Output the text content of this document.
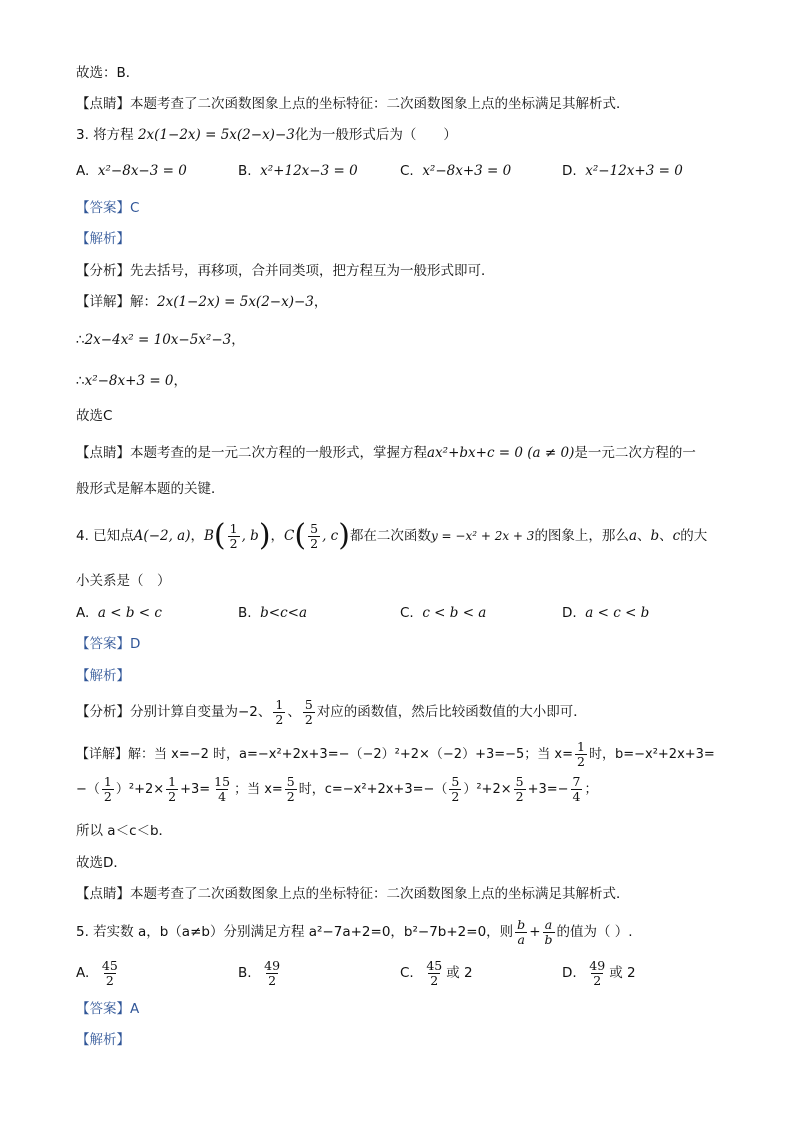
故选：B．
【点睛】本题考查了二次函数图象上点的坐标特征：二次函数图象上点的坐标满足其解析式．
3. 将方程 2x(1−2x) = 5x(2−x)−3化为一般形式后为（　　）
A. x²−8x−3 = 0	B. x²+12x−3 = 0	C. x²−8x+3 = 0	D. x²−12x+3 = 0
【答案】C
【解析】
【分析】先去括号，再移项，合并同类项，把方程互为一般形式即可．
【详解】解：2x(1−2x) = 5x(2−x)−3，
∴2x−4x² = 10x−5x²−3，
∴x²−8x+3 = 0，
故选C
【点睛】本题考查的是一元二次方程的一般形式，掌握方程ax²+bx+c = 0 (a ≠ 0)是一元二次方程的一
般形式是解本题的关键．
4. 已知点A(−2, a)，$B( \frac{1}{2}$ , b)，$C( \frac{5}{2}$ , c)都在二次函数y = −x² + 2x + 3的图象上，那么a、b、c的大
小关系是（　）
A. a < b < c	B. b<c<a	C. c < b < a	D. a < c < b
【答案】D
【解析】
【分析】分别计算自变量为−2、 $\frac{1}{2}$ 、 $\frac{5}{2}$ 对应的函数值，然后比较函数值的大小即可．
【详解】解：当 x=−2 时，a=−x²+2x+3=−（−2）²+2×（−2）+3=−5；当 $x= \frac{1}{2}$ 时，b=−x²+2x+3=
−（ $\frac{1}{2} )^2+2\times \frac{1}{2} +3= \frac{15}{4}$ ；当 $x= \frac{5}{2}$ 时，$c=-x^2+2x+3=-( \frac{5}{2} )^2+2\times \frac{5}{2} +3=- \frac{7}{4}$ ；
所以 a＜c＜b．
故选D．
【点睛】本题考查了二次函数图象上点的坐标特征：二次函数图象上点的坐标满足其解析式．
5. 若实数 a，b（a≠b）分别满足方程 a²−7a+2=0，b²−7b+2=0，则 $\frac{b}{a} + \frac{a}{b}$ 的值为（ ）.
A. $\frac{45}{2}$	B. $\frac{49}{2}$	C. $\frac{45}{2}$ 或 2	D. $\frac{49}{2}$ 或 2
【答案】A
【解析】
